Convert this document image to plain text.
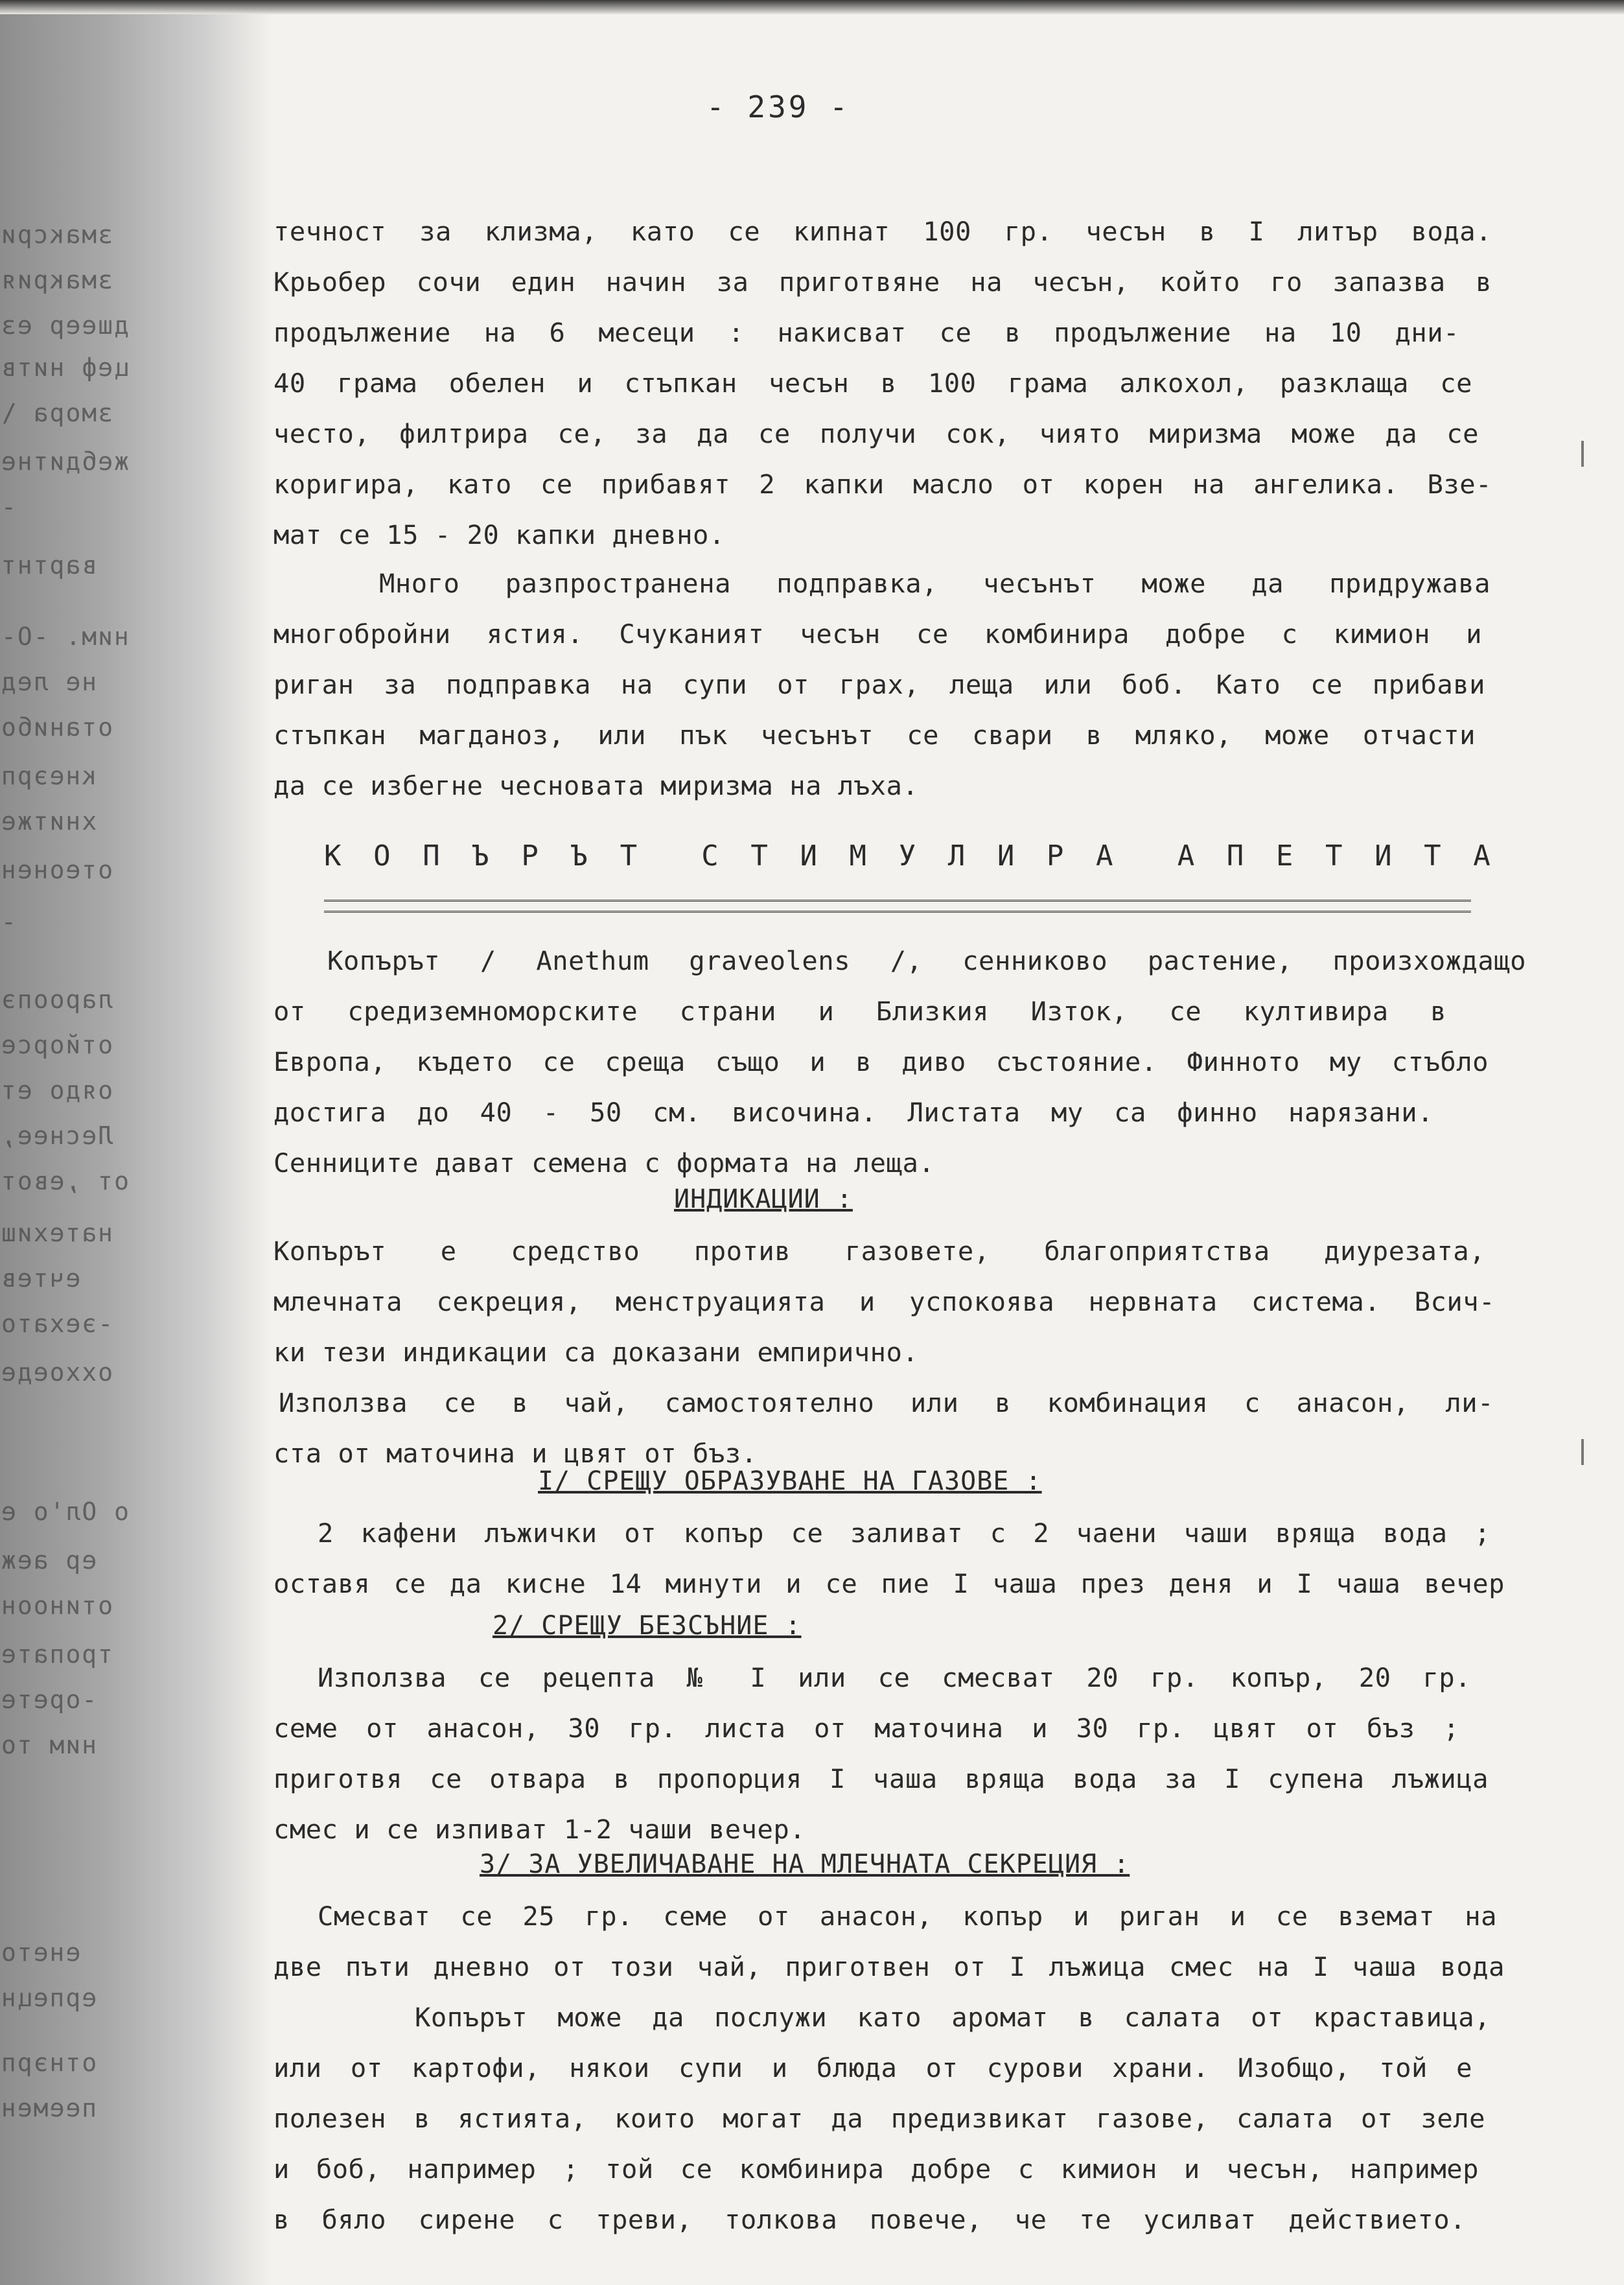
змаксри
змакрия
дшеер ез
цеф нитв
змора \
жебдитне
-
вартнт
ним. -О-
не лед
отанибо
кнеэрп
хнитже
отеонен
-
лароопэ
отйорсе
оядо ет
Леснее,
от ,евот
натехиш
ечтев
-эехато
оххоеде
о Ол'о е
ер аеж
отиноон
тропате
-орете
ним то
енето
ерпецн
отнэрп
пеемен
- 239 -
течност за клизма, като се кипнат 100 гр. чесън в I литър вода.
Крьобер сочи един начин за приготвяне на чесън, който го запазва в
продължение на 6 месеци : накисват се в продължение на 10 дни-
40 грама обелен и стъпкан чесън в 100 грама алкохол, разклаща се
често, филтрира се, за да се получи сок, чиято миризма може да се
коригира, като се прибавят 2 капки масло от корен на ангелика. Взе-
мат се 15 - 20 капки дневно.
Много разпространена подправка, чесънът може да придружава
многобройни ястия. Счуканият чесън се комбинира добре с кимион и
риган за подправка на супи от грах, леща или боб. Като се прибави
стъпкан магданоз, или пък чесънът се свари в мляко, може отчасти
да се избегне чесновата миризма на лъха.
К О П Ъ Р Ъ Т С Т И М У Л И Р А А П Е Т И Т А
Копърът / Anethum graveolens /, сенниково растение, произхождащо
от средиземноморските страни и Близкия Изток, се култивира в
Европа, където се среща също и в диво състояние. Финното му стъбло
достига до 40 - 50 см. височина. Листата му са финно нарязани.
Сенниците дават семена с формата на леща.
ИНДИКАЦИИ :
Копърът е средство против газовете, благоприятства диурезата,
млечната секреция, менструацията и успокоява нервната система. Всич-
ки тези индикации са доказани емпирично.
Използва се в чай, самостоятелно или в комбинация с анасон, ли-
ста от маточина и цвят от бъз.
I/ СРЕЩУ ОБРАЗУВАНЕ НА ГАЗОВЕ :
2 кафени лъжички от копър се заливат с 2 чаени чаши вряща вода ;
оставя се да кисне 14 минути и се пие I чаша през деня и I чаша вечер
2/ СРЕЩУ БЕЗСЪНИЕ :
Използва се рецепта № I или се смесват 20 гр. копър, 20 гр.
семе от анасон, 30 гр. листа от маточина и 30 гр. цвят от бъз ;
приготвя се отвара в пропорция I чаша вряща вода за I супена лъжица
смес и се изпиват 1-2 чаши вечер.
3/ ЗА УВЕЛИЧАВАНЕ НА МЛЕЧНАТА СЕКРЕЦИЯ :
Смесват се 25 гр. семе от анасон, копър и риган и се вземат на
две пъти дневно от този чай, приготвен от I лъжица смес на I чаша вода
Копърът може да послужи като аромат в салата от краставица,
или от картофи, някои супи и блюда от сурови храни. Изобщо, той е
полезен в ястията, които могат да предизвикат газове, салата от зеле
и боб, например ; той се комбинира добре с кимион и чесън, например
в бяло сирене с треви, толкова повече, че те усилват действието.
